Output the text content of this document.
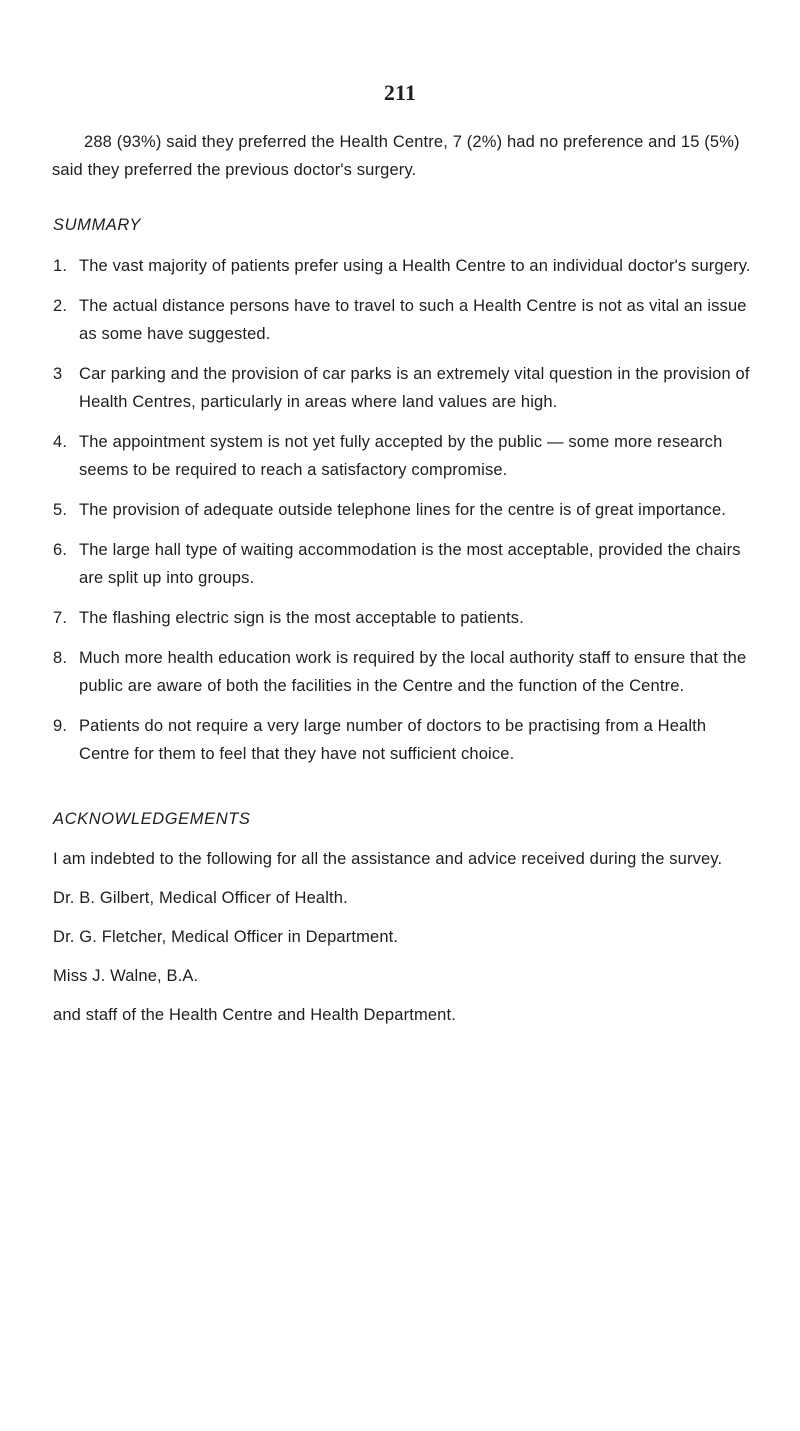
211

288 (93%) said they preferred the Health Centre, 7 (2%) had no preference and 15 (5%) said they preferred the previous doctor's surgery.

SUMMARY
1. The vast majority of patients prefer using a Health Centre to an individual doctor's surgery.
2. The actual distance persons have to travel to such a Health Centre is not as vital an issue as some have suggested.
3	Car parking and the provision of car parks is an extremely vital question in the provision of Health Centres, particularly in areas where land values are high.
4. The appointment system is not yet fully accepted by the public — some more research seems to be required to reach a satisfactory compromise.
5. The provision of adequate outside telephone lines for the centre is of great importance.
6. The large hall type of waiting accommodation is the most acceptable, provided the chairs are split up into groups.
7. The flashing electric sign is the most acceptable to patients.
8. Much more health education work is required by the local authority staff to ensure that the public are aware of both the facilities in the Centre and the function of the Centre.
9. Patients do not require a very large number of doctors to be practising from a Health Centre for them to feel that they have not sufficient choice.
ACKNOWLEDGEMENTS

I am indebted to the following for all the assistance and advice received during the survey.

Dr. B. Gilbert, Medical Officer of Health.

Dr. G. Fletcher, Medical Officer in Department.

Miss J. Walne, B.A.

and staff of the Health Centre and Health Department.
